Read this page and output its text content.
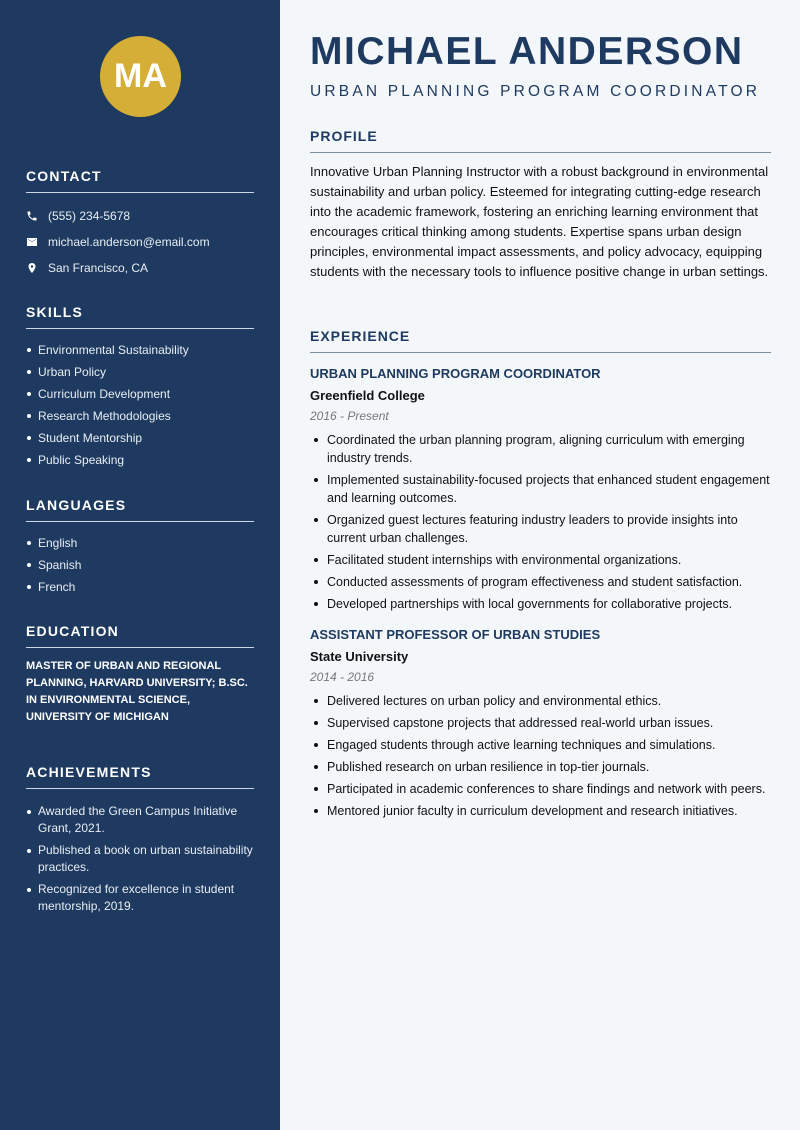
MA
CONTACT
(555) 234-5678
michael.anderson@email.com
San Francisco, CA
SKILLS
Environmental Sustainability
Urban Policy
Curriculum Development
Research Methodologies
Student Mentorship
Public Speaking
LANGUAGES
English
Spanish
French
EDUCATION
MASTER OF URBAN AND REGIONAL PLANNING, HARVARD UNIVERSITY; B.SC. IN ENVIRONMENTAL SCIENCE, UNIVERSITY OF MICHIGAN
ACHIEVEMENTS
Awarded the Green Campus Initiative Grant, 2021.
Published a book on urban sustainability practices.
Recognized for excellence in student mentorship, 2019.
MICHAEL ANDERSON
URBAN PLANNING PROGRAM COORDINATOR
PROFILE
Innovative Urban Planning Instructor with a robust background in environmental sustainability and urban policy. Esteemed for integrating cutting-edge research into the academic framework, fostering an enriching learning environment that encourages critical thinking among students. Expertise spans urban design principles, environmental impact assessments, and policy advocacy, equipping students with the necessary tools to influence positive change in urban settings.
EXPERIENCE
URBAN PLANNING PROGRAM COORDINATOR
Greenfield College
2016 - Present
Coordinated the urban planning program, aligning curriculum with emerging industry trends.
Implemented sustainability-focused projects that enhanced student engagement and learning outcomes.
Organized guest lectures featuring industry leaders to provide insights into current urban challenges.
Facilitated student internships with environmental organizations.
Conducted assessments of program effectiveness and student satisfaction.
Developed partnerships with local governments for collaborative projects.
ASSISTANT PROFESSOR OF URBAN STUDIES
State University
2014 - 2016
Delivered lectures on urban policy and environmental ethics.
Supervised capstone projects that addressed real-world urban issues.
Engaged students through active learning techniques and simulations.
Published research on urban resilience in top-tier journals.
Participated in academic conferences to share findings and network with peers.
Mentored junior faculty in curriculum development and research initiatives.
